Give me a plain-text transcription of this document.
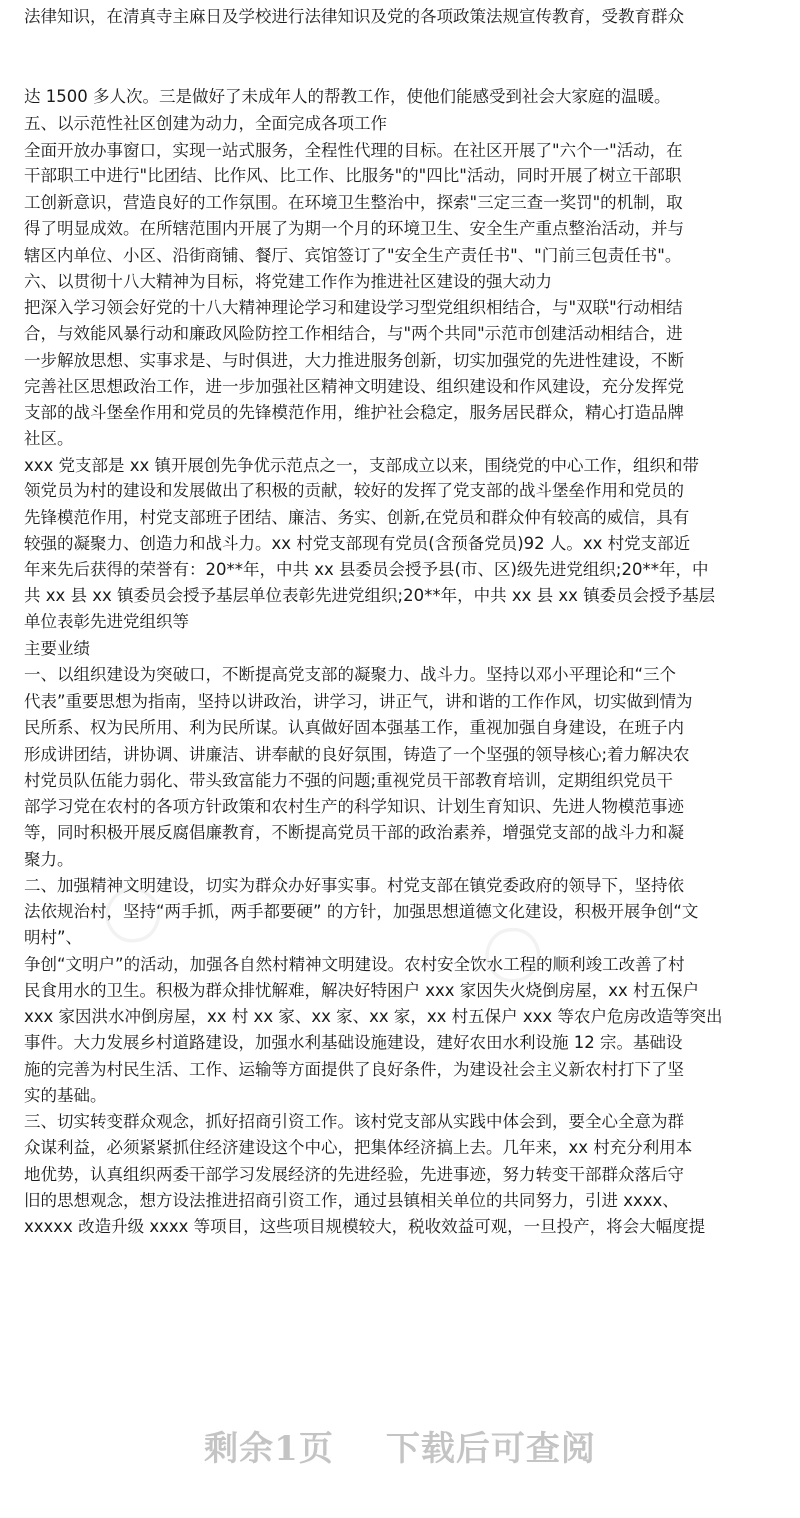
◯	◯
法律知识，在清真寺主麻日及学校进行法律知识及党的各项政策法规宣传教育，受教育群众
达 1500 多人次。三是做好了未成年人的帮教工作，使他们能感受到社会大家庭的温暖。
五、以示范性社区创建为动力，全面完成各项工作
全面开放办事窗口，实现一站式服务，全程性代理的目标。在社区开展了"六个一"活动，在
干部职工中进行"比团结、比作风、比工作、比服务"的"四比"活动，同时开展了树立干部职
工创新意识，营造良好的工作氛围。在环境卫生整治中，探索"三定三查一奖罚"的机制，取
得了明显成效。在所辖范围内开展了为期一个月的环境卫生、安全生产重点整治活动，并与
辖区内单位、小区、沿街商铺、餐厅、宾馆签订了"安全生产责任书"、"门前三包责任书"。
六、以贯彻十八大精神为目标，将党建工作作为推进社区建设的强大动力
把深入学习领会好党的十八大精神理论学习和建设学习型党组织相结合，与"双联"行动相结
合，与效能风暴行动和廉政风险防控工作相结合，与"两个共同"示范市创建活动相结合，进
一步解放思想、实事求是、与时俱进，大力推进服务创新，切实加强党的先进性建设，不断
完善社区思想政治工作，进一步加强社区精神文明建设、组织建设和作风建设，充分发挥党
支部的战斗堡垒作用和党员的先锋模范作用，维护社会稳定，服务居民群众，精心打造品牌
社区。
xxx 党支部是 xx 镇开展创先争优示范点之一，支部成立以来，围绕党的中心工作，组织和带
领党员为村的建设和发展做出了积极的贡献，较好的发挥了党支部的战斗堡垒作用和党员的
先锋模范作用，村党支部班子团结、廉洁、务实、创新,在党员和群众仲有较高的威信，具有
较强的凝聚力、创造力和战斗力。xx 村党支部现有党员(含预备党员)92 人。xx 村党支部近
年来先后获得的荣誉有：20**年，中共 xx 县委员会授予县(市、区)级先进党组织;20**年，中
共 xx 县 xx 镇委员会授予基层单位表彰先进党组织;20**年，中共 xx 县 xx 镇委员会授予基层
单位表彰先进党组织等
主要业绩
一、以组织建设为突破口，不断提高党支部的凝聚力、战斗力。坚持以邓小平理论和“三个
代表”重要思想为指南，坚持以讲政治，讲学习，讲正气，讲和谐的工作作风，切实做到情为
民所系、权为民所用、利为民所谋。认真做好固本强基工作，重视加强自身建设，在班子内
形成讲团结，讲协调、讲廉洁、讲奉献的良好氛围，铸造了一个坚强的领导核心;着力解决农
村党员队伍能力弱化、带头致富能力不强的问题;重视党员干部教育培训，定期组织党员干
部学习党在农村的各项方针政策和农村生产的科学知识、计划生育知识、先进人物模范事迹
等，同时积极开展反腐倡廉教育，不断提高党员干部的政治素养，增强党支部的战斗力和凝
聚力。
二、加强精神文明建设，切实为群众办好事实事。村党支部在镇党委政府的领导下，坚持依
法依规治村，坚持“两手抓，两手都要硬” 的方针，加强思想道德文化建设，积极开展争创“文
明村”、
争创“文明户”的活动，加强各自然村精神文明建设。农村安全饮水工程的顺利竣工改善了村
民食用水的卫生。积极为群众排忧解难，解决好特困户 xxx 家因失火烧倒房屋，xx 村五保户
xxx 家因洪水冲倒房屋，xx 村 xx 家、xx 家、xx 家，xx 村五保户 xxx 等农户危房改造等突出
事件。大力发展乡村道路建设，加强水利基础设施建设，建好农田水利设施 12 宗。基础设
施的完善为村民生活、工作、运输等方面提供了良好条件，为建设社会主义新农村打下了坚
实的基础。
三、切实转变群众观念，抓好招商引资工作。该村党支部从实践中体会到，要全心全意为群
众谋利益，必须紧紧抓住经济建设这个中心，把集体经济搞上去。几年来，xx 村充分利用本
地优势，认真组织两委干部学习发展经济的先进经验，先进事迹，努力转变干部群众落后守
旧的思想观念，想方设法推进招商引资工作，通过县镇相关单位的共同努力，引进 xxxx、
xxxxx 改造升级 xxxx 等项目，这些项目规模较大，税收效益可观，一旦投产，将会大幅度提
剩余1页 下载后可查阅
